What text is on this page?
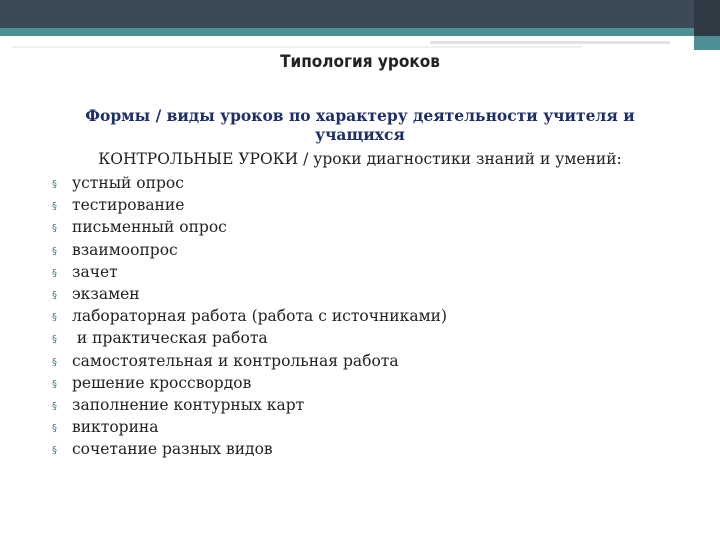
Типология уроков
Формы / виды уроков по характеру деятельности учителя и учащихся
КОНТРОЛЬНЫЕ УРОКИ / уроки диагностики знаний и умений:
§ устный опрос
§ тестирование
§ письменный опрос
§ взаимоопрос
§ зачет
§ экзамен
§ лабораторная работа (работа с источниками)
§ и практическая работа
§ самостоятельная и контрольная работа
§ решение кроссвордов
§ заполнение контурных карт
§ викторина
§ сочетание разных видов
